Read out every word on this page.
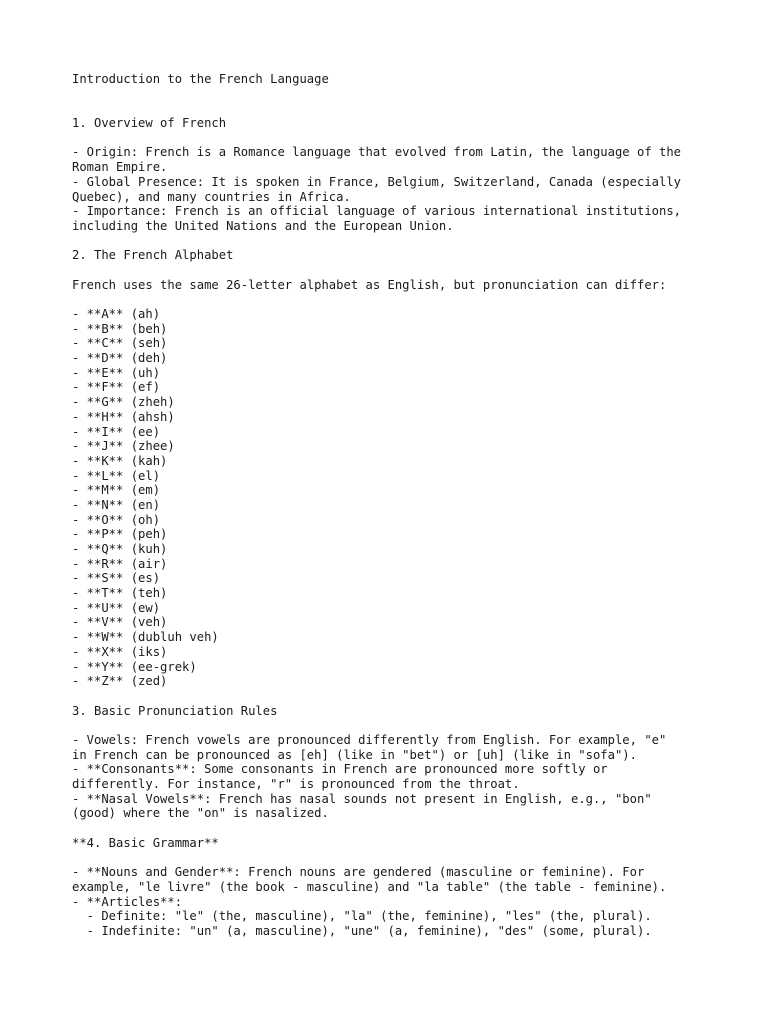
Introduction to the French Language
1. Overview of French
- Origin: French is a Romance language that evolved from Latin, the language of the
Roman Empire.
- Global Presence: It is spoken in France, Belgium, Switzerland, Canada (especially
Quebec), and many countries in Africa.
- Importance: French is an official language of various international institutions,
including the United Nations and the European Union.
2. The French Alphabet
French uses the same 26-letter alphabet as English, but pronunciation can differ:
- **A** (ah)
- **B** (beh)
- **C** (seh)
- **D** (deh)
- **E** (uh)
- **F** (ef)
- **G** (zheh)
- **H** (ahsh)
- **I** (ee)
- **J** (zhee)
- **K** (kah)
- **L** (el)
- **M** (em)
- **N** (en)
- **O** (oh)
- **P** (peh)
- **Q** (kuh)
- **R** (air)
- **S** (es)
- **T** (teh)
- **U** (ew)
- **V** (veh)
- **W** (dubluh veh)
- **X** (iks)
- **Y** (ee-grek)
- **Z** (zed)
3. Basic Pronunciation Rules
- Vowels: French vowels are pronounced differently from English. For example, "e"
in French can be pronounced as [eh] (like in "bet") or [uh] (like in "sofa").
- **Consonants**: Some consonants in French are pronounced more softly or
differently. For instance, "r" is pronounced from the throat.
- **Nasal Vowels**: French has nasal sounds not present in English, e.g., "bon"
(good) where the "on" is nasalized.
**4. Basic Grammar**
- **Nouns and Gender**: French nouns are gendered (masculine or feminine). For
example, "le livre" (the book - masculine) and "la table" (the table - feminine).
- **Articles**:
- Definite: "le" (the, masculine), "la" (the, feminine), "les" (the, plural).
- Indefinite: "un" (a, masculine), "une" (a, feminine), "des" (some, plural).
